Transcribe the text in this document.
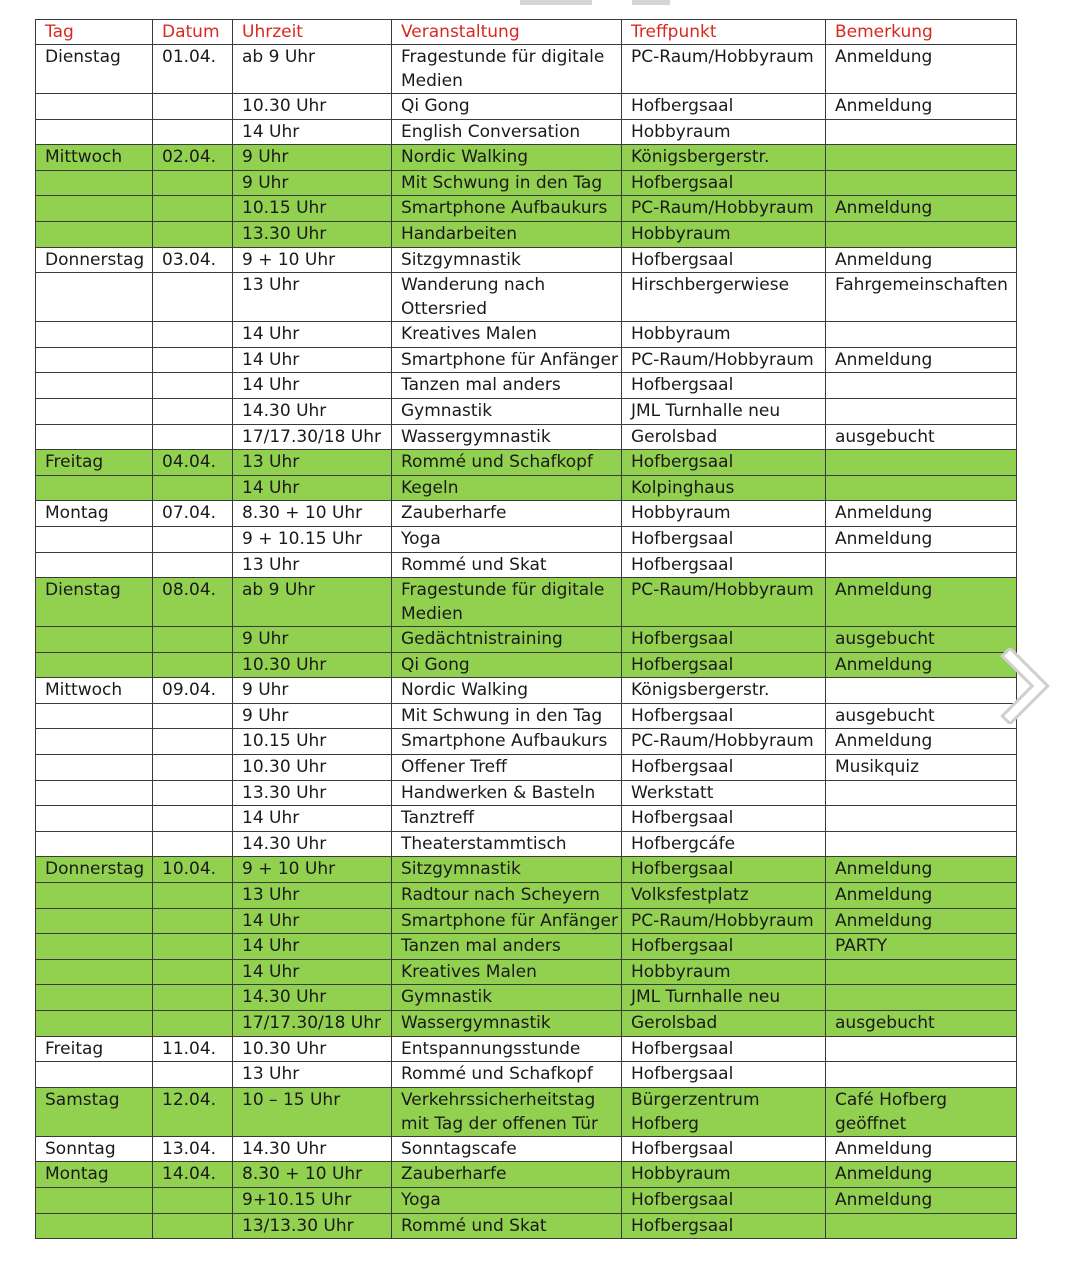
Tag	Datum	Uhrzeit	Veranstaltung	Treffpunkt	Bemerkung
Dienstag	01.04.	ab 9 Uhr	Fragestunde für digitale Medien	PC-Raum/Hobbyraum	Anmeldung
		10.30 Uhr	Qi Gong	Hofbergsaal	Anmeldung
		14 Uhr	English Conversation	Hobbyraum	
Mittwoch	02.04.	9 Uhr	Nordic Walking	Königsbergerstr.	
		9 Uhr	Mit Schwung in den Tag	Hofbergsaal	
		10.15 Uhr	Smartphone Aufbaukurs	PC-Raum/Hobbyraum	Anmeldung
		13.30 Uhr	Handarbeiten	Hobbyraum	
Donnerstag	03.04.	9 + 10 Uhr	Sitzgymnastik	Hofbergsaal	Anmeldung
		13 Uhr	Wanderung nach Ottersried	Hirschbergerwiese	Fahrgemeinschaften
		14 Uhr	Kreatives Malen	Hobbyraum	
		14 Uhr	Smartphone für Anfänger	PC-Raum/Hobbyraum	Anmeldung
		14 Uhr	Tanzen mal anders	Hofbergsaal	
		14.30 Uhr	Gymnastik	JML Turnhalle neu	
		17/17.30/18 Uhr	Wassergymnastik	Gerolsbad	ausgebucht
Freitag	04.04.	13 Uhr	Rommé und Schafkopf	Hofbergsaal	
		14 Uhr	Kegeln	Kolpinghaus	
Montag	07.04.	8.30 + 10 Uhr	Zauberharfe	Hobbyraum	Anmeldung
		9 + 10.15 Uhr	Yoga	Hofbergsaal	Anmeldung
		13 Uhr	Rommé und Skat	Hofbergsaal	
Dienstag	08.04.	ab 9 Uhr	Fragestunde für digitale Medien	PC-Raum/Hobbyraum	Anmeldung
		9 Uhr	Gedächtnistraining	Hofbergsaal	ausgebucht
		10.30 Uhr	Qi Gong	Hofbergsaal	Anmeldung
Mittwoch	09.04.	9 Uhr	Nordic Walking	Königsbergerstr.	
		9 Uhr	Mit Schwung in den Tag	Hofbergsaal	ausgebucht
		10.15 Uhr	Smartphone Aufbaukurs	PC-Raum/Hobbyraum	Anmeldung
		10.30 Uhr	Offener Treff	Hofbergsaal	Musikquiz
		13.30 Uhr	Handwerken & Basteln	Werkstatt	
		14 Uhr	Tanztreff	Hofbergsaal	
		14.30 Uhr	Theaterstammtisch	Hofbergcáfe	
Donnerstag	10.04.	9 + 10 Uhr	Sitzgymnastik	Hofbergsaal	Anmeldung
		13 Uhr	Radtour nach Scheyern	Volksfestplatz	Anmeldung
		14 Uhr	Smartphone für Anfänger	PC-Raum/Hobbyraum	Anmeldung
		14 Uhr	Tanzen mal anders	Hofbergsaal	PARTY
		14 Uhr	Kreatives Malen	Hobbyraum	
		14.30 Uhr	Gymnastik	JML Turnhalle neu	
		17/17.30/18 Uhr	Wassergymnastik	Gerolsbad	ausgebucht
Freitag	11.04.	10.30 Uhr	Entspannungsstunde	Hofbergsaal	
		13 Uhr	Rommé und Schafkopf	Hofbergsaal	
Samstag	12.04.	10 – 15 Uhr	Verkehrssicherheitstag mit Tag der offenen Tür	Bürgerzentrum Hofberg	Café Hofberg geöffnet
Sonntag	13.04.	14.30 Uhr	Sonntagscafe	Hofbergsaal	Anmeldung
Montag	14.04.	8.30 + 10 Uhr	Zauberharfe	Hobbyraum	Anmeldung
		9+10.15 Uhr	Yoga	Hofbergsaal	Anmeldung
		13/13.30 Uhr	Rommé und Skat	Hofbergsaal	
